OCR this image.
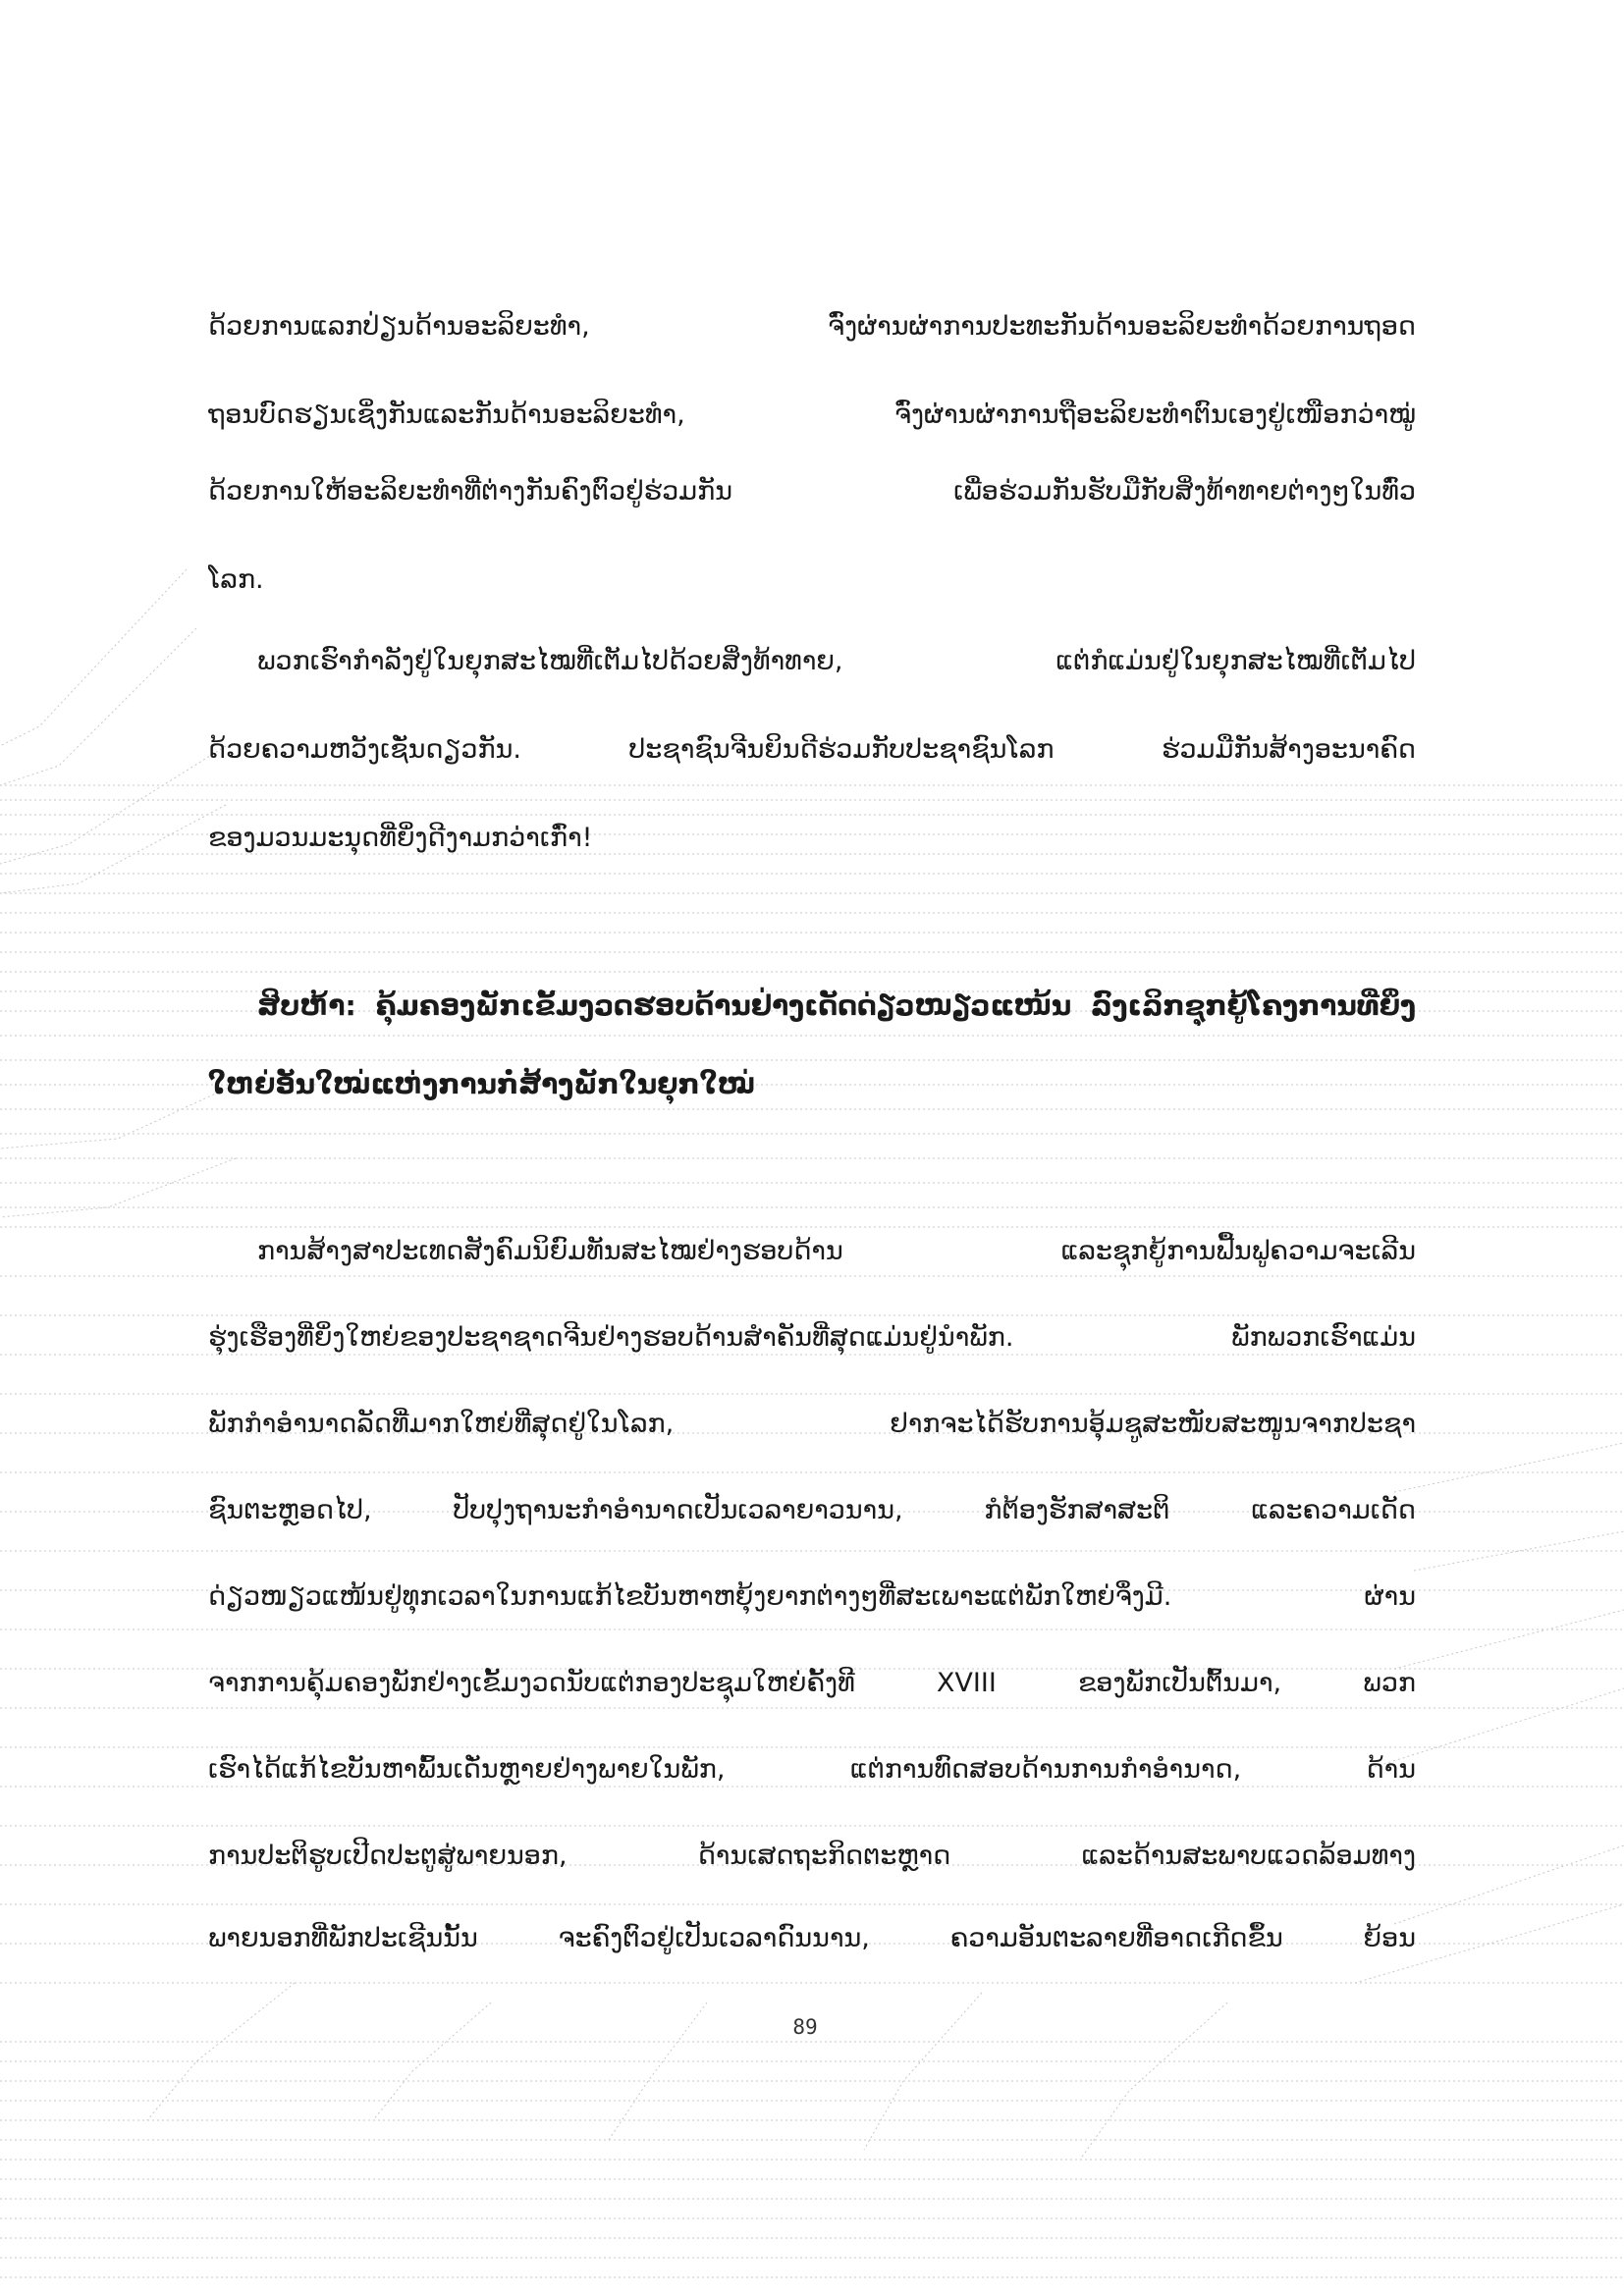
ດ້ວຍການແລກປ່ຽນດ້ານອະລິຍະທຳ, ຈົ່ງຜ່ານຜ່າການປະທະກັນດ້ານອະລິຍະທຳດ້ວຍການຖອດ

ຖອນບົດຮຽນເຊິ່ງກັນແລະກັນດ້ານອະລິຍະທຳ, ຈົ່ງຜ່ານຜ່າການຖືອະລິຍະທຳຕົນເອງຢູ່ເໜືອກວ່າໝູ່

ດ້ວຍການໃຫ້ອະລິຍະທຳທີ່ຕ່າງກັນຄົງຕົວຢູ່ຮ່ວມກັນ ເພື່ອຮ່ວມກັນຮັບມືກັບສິ່ງທ້າທາຍຕ່າງໆໃນທົ່ວ

ໂລກ.

ພວກເຮົາກຳລັງຢູ່ໃນຍຸກສະໄໝທີ່ເຕັມໄປດ້ວຍສິ່ງທ້າທາຍ, ແຕ່ກໍແມ່ນຢູ່ໃນຍຸກສະໄໝທີ່ເຕັມໄປ

ດ້ວຍຄວາມຫວັງເຊັ່ນດຽວກັນ. ປະຊາຊົນຈີນຍິນດີຮ່ວມກັບປະຊາຊົນໂລກ ຮ່ວມມືກັນສ້າງອະນາຄົດ

ຂອງມວນມະນຸດທີ່ຍິ່ງດີງາມກວ່າເກົ່າ!

ສິບຫ້າ: ຄຸ້ມຄອງພັກເຂັ້ມງວດຮອບດ້ານຢ່າງເດັດດ່ຽວໜຽວແໜ້ນ ລົງເລິກຊຸກຍູ້ໂຄງການທີ່ຍິ່ງ

ໃຫຍ່ອັນໃໝ່ແຫ່ງການກໍ່ສ້າງພັກໃນຍຸກໃໝ່

ການສ້າງສາປະເທດສັງຄົມນິຍົມທັນສະໄໝຢ່າງຮອບດ້ານ ແລະຊຸກຍູ້ການຟື້ນຟູຄວາມຈະເລີນ

ຮຸ່ງເຮືອງທີ່ຍິ່ງໃຫຍ່ຂອງປະຊາຊາດຈີນຢ່າງຮອບດ້ານສຳຄັນທີ່ສຸດແມ່ນຢູ່ນຳພັກ. ພັກພວກເຮົາແມ່ນ

ພັກກຳອຳນາດລັດທີ່ມາກໃຫຍ່ທີ່ສຸດຢູ່ໃນໂລກ, ຢາກຈະໄດ້ຮັບການອຸ້ມຊູສະໜັບສະໜູນຈາກປະຊາ

ຊົນຕະຫຼອດໄປ, ປັບປຸງຖານະກຳອຳນາດເປັນເວລາຍາວນານ, ກໍຕ້ອງຮັກສາສະຕິ ແລະຄວາມເດັດ

ດ່ຽວໜຽວແໜ້ນຢູ່ທຸກເວລາໃນການແກ້ໄຂບັນຫາຫຍຸ້ງຍາກຕ່າງໆທີ່ສະເພາະແຕ່ພັກໃຫຍ່ຈຶ່ງມີ. ຜ່ານ

ຈາກການຄຸ້ມຄອງພັກຢ່າງເຂັ້ມງວດນັບແຕ່ກອງປະຊຸມໃຫຍ່ຄັ້ງທີ XVIII ຂອງພັກເປັນຕົ້ນມາ, ພວກ

ເຮົາໄດ້ແກ້ໄຂບັນຫາພົ້ນເດັ່ນຫຼາຍຢ່າງພາຍໃນພັກ, ແຕ່ການທົດສອບດ້ານການກຳອຳນາດ, ດ້ານ

ການປະຕິຮູບເປີດປະຕູສູ່ພາຍນອກ, ດ້ານເສດຖະກິດຕະຫຼາດ ແລະດ້ານສະພາບແວດລ້ອມທາງ

ພາຍນອກທີ່ພັກປະເຊີນນັ້ນ ຈະຄົງຕົວຢູ່ເປັນເວລາດົນນານ, ຄວາມອັນຕະລາຍທີ່ອາດເກີດຂຶ້ນ ຍ້ອນ

89
